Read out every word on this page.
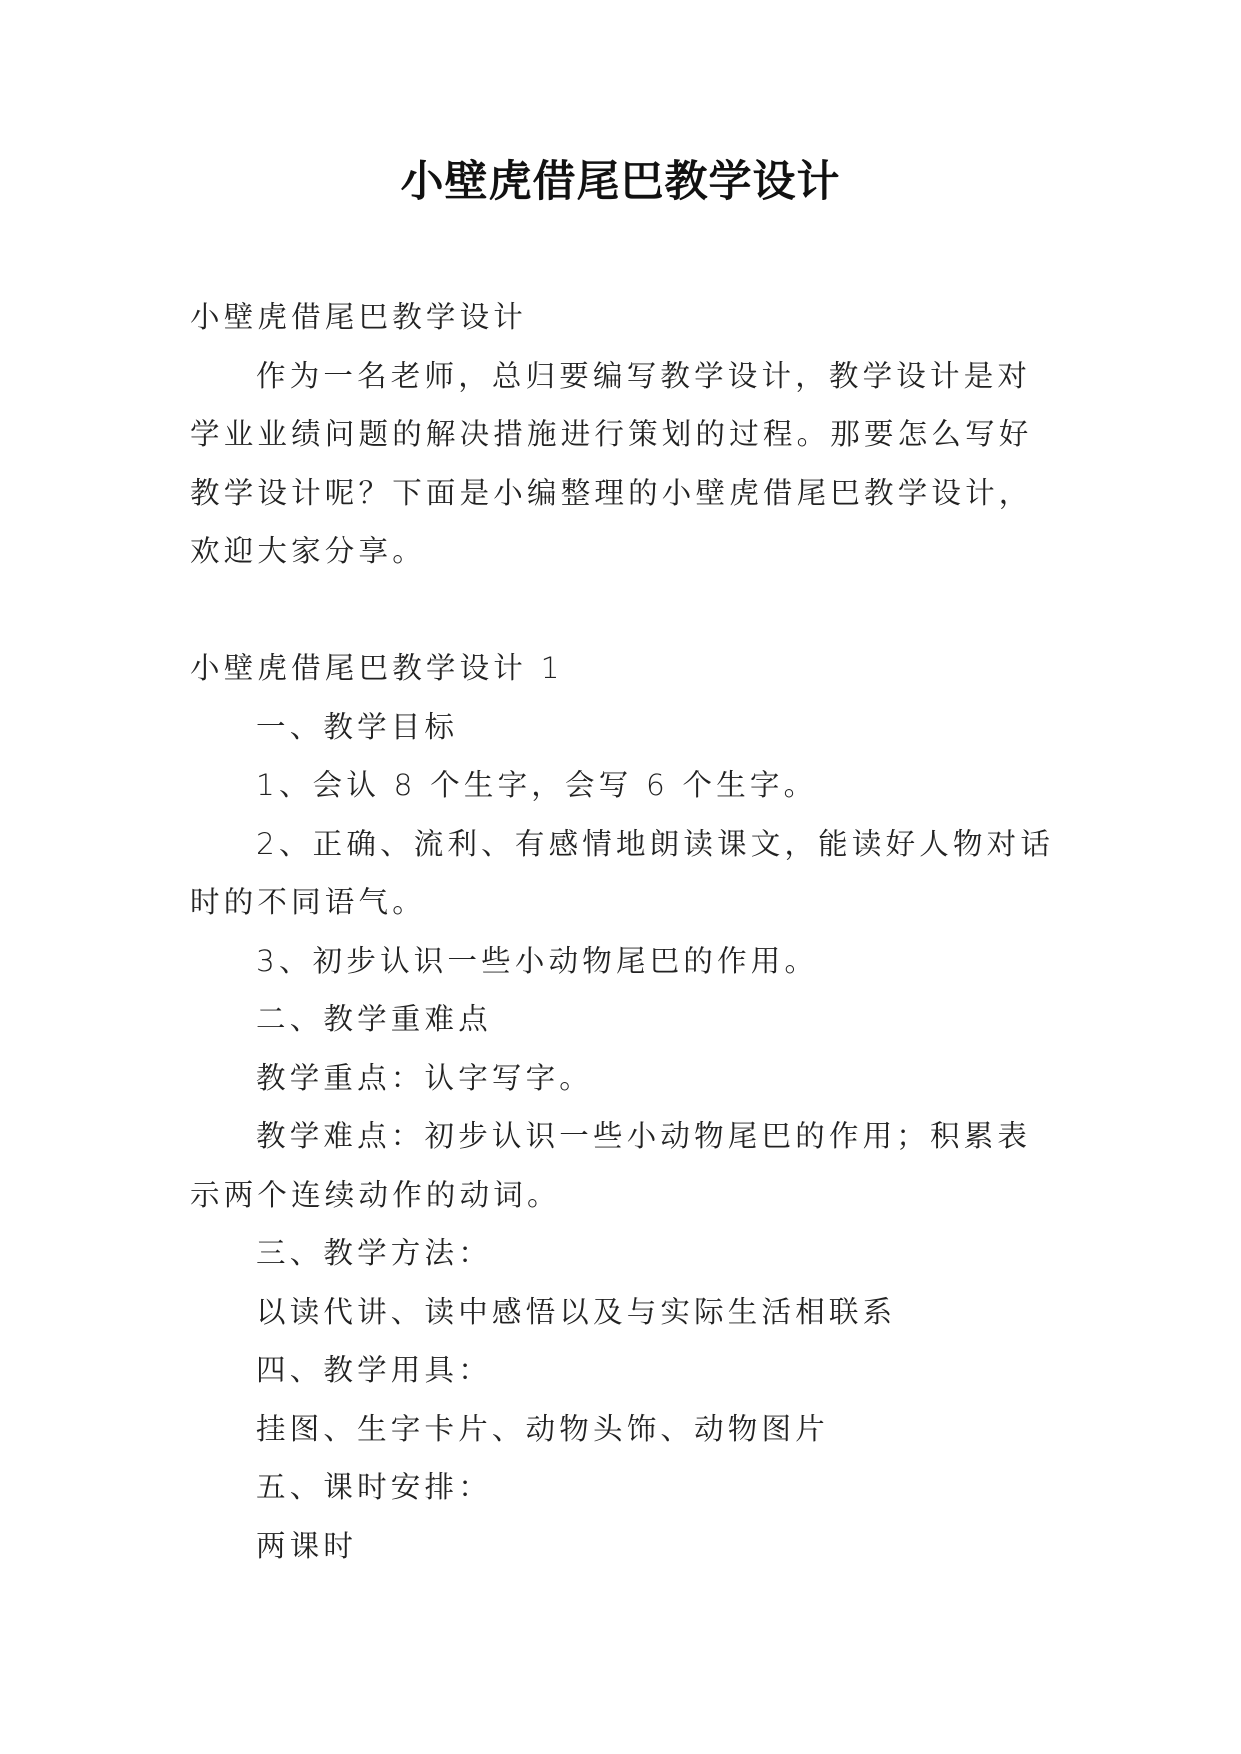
小壁虎借尾巴教学设计

小壁虎借尾巴教学设计

作为一名老师，总归要编写教学设计，教学设计是对学业业绩问题的解决措施进行策划的过程。那要怎么写好教学设计呢？下面是小编整理的小壁虎借尾巴教学设计，欢迎大家分享。

小壁虎借尾巴教学设计 1

一、教学目标

1、会认 8 个生字，会写 6 个生字。

2、正确、流利、有感情地朗读课文，能读好人物对话时的不同语气。

3、初步认识一些小动物尾巴的作用。

二、教学重难点

教学重点：认字写字。

教学难点：初步认识一些小动物尾巴的作用；积累表示两个连续动作的动词。

三、教学方法：

以读代讲、读中感悟以及与实际生活相联系

四、教学用具：

挂图、生字卡片、动物头饰、动物图片

五、课时安排：

两课时
